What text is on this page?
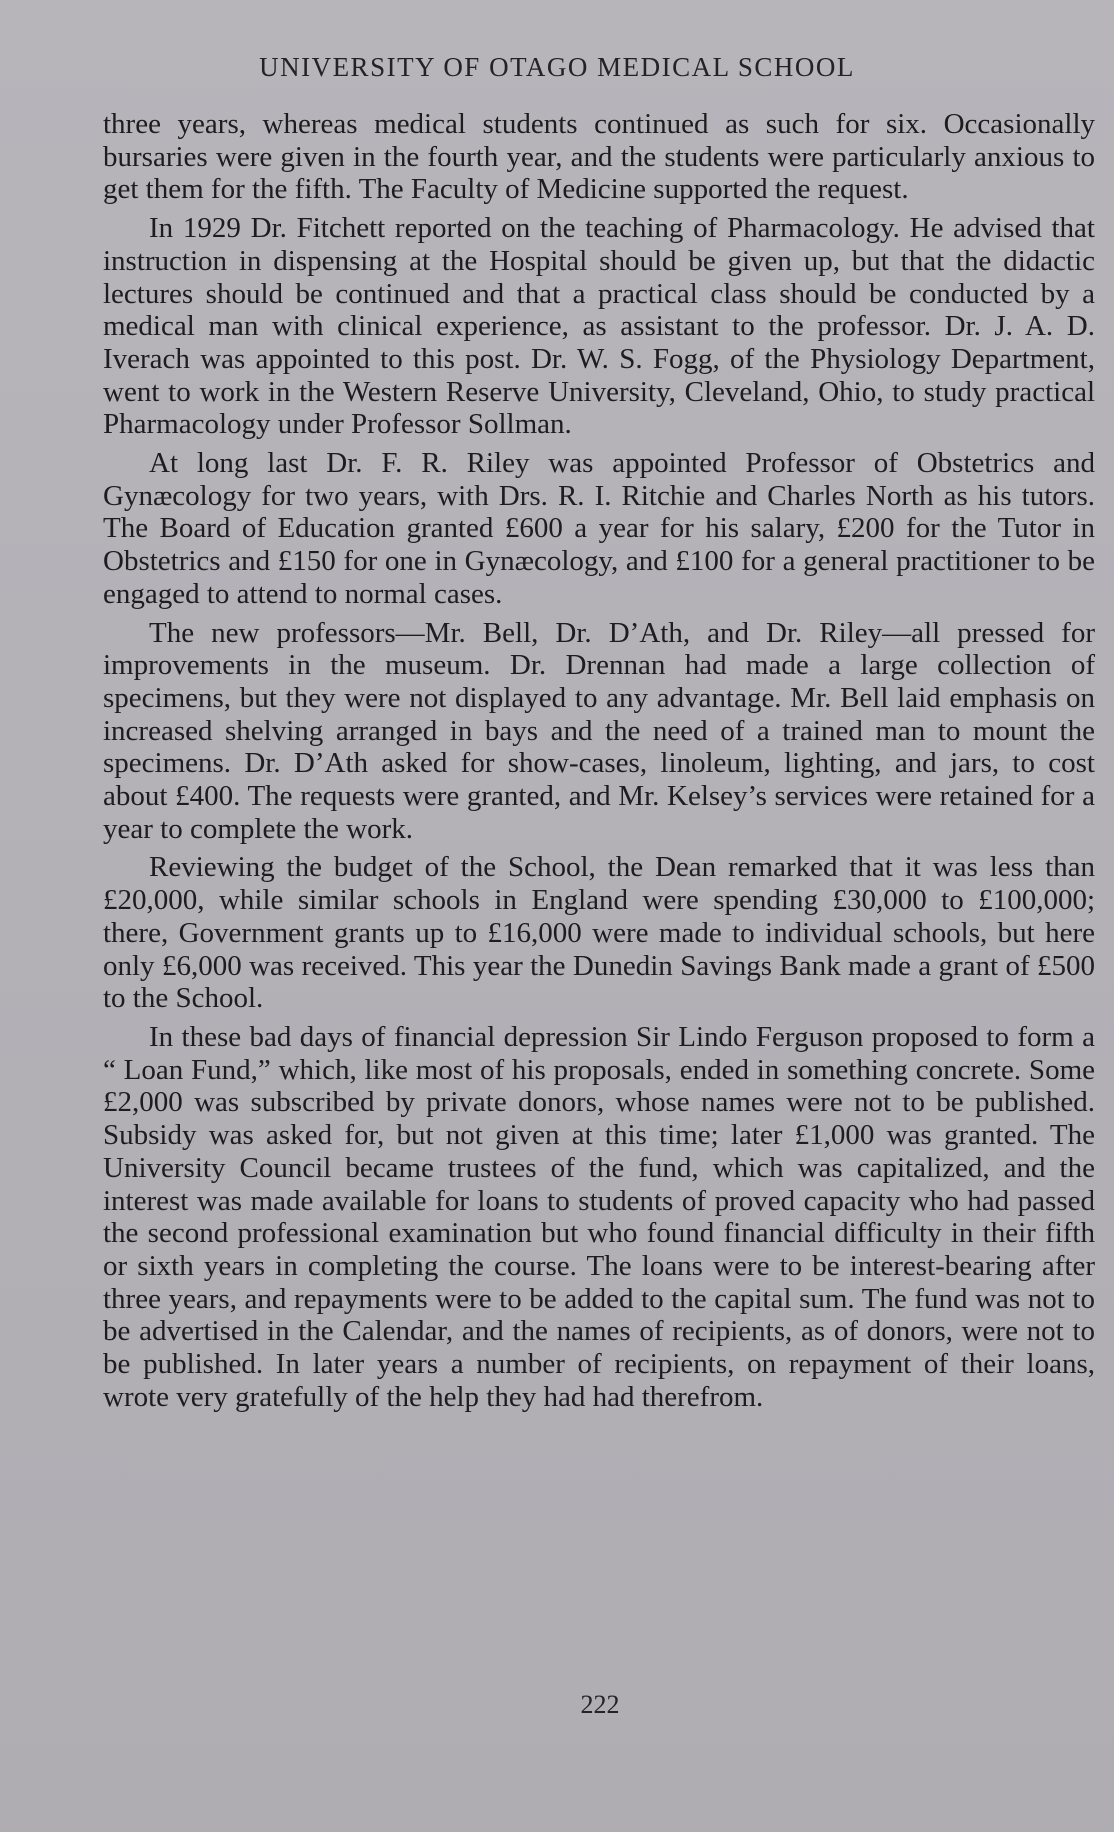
UNIVERSITY OF OTAGO MEDICAL SCHOOL

three years, whereas medical students continued as such for six. Occasionally bursaries were given in the fourth year, and the students were particularly anxious to get them for the fifth. The Faculty of Medicine supported the request.

In 1929 Dr. Fitchett reported on the teaching of Pharmacology. He advised that instruction in dispensing at the Hospital should be given up, but that the didactic lectures should be continued and that a practical class should be conducted by a medical man with clinical experience, as assistant to the professor. Dr. J. A. D. Iverach was appointed to this post. Dr. W. S. Fogg, of the Physiology Department, went to work in the Western Reserve University, Cleveland, Ohio, to study practical Pharmacology under Professor Sollman.

At long last Dr. F. R. Riley was appointed Professor of Obstetrics and Gynæcology for two years, with Drs. R. I. Ritchie and Charles North as his tutors. The Board of Education granted £600 a year for his salary, £200 for the Tutor in Obstetrics and £150 for one in Gynæcology, and £100 for a general practitioner to be engaged to attend to normal cases.

The new professors—Mr. Bell, Dr. D’Ath, and Dr. Riley—all pressed for improvements in the museum. Dr. Drennan had made a large collection of specimens, but they were not displayed to any advantage. Mr. Bell laid emphasis on increased shelving arranged in bays and the need of a trained man to mount the specimens. Dr. D’Ath asked for show-cases, linoleum, lighting, and jars, to cost about £400. The requests were granted, and Mr. Kelsey’s services were retained for a year to complete the work.

Reviewing the budget of the School, the Dean remarked that it was less than £20,000, while similar schools in England were spending £30,000 to £100,000; there, Government grants up to £16,000 were made to individual schools, but here only £6,000 was received. This year the Dunedin Savings Bank made a grant of £500 to the School.

In these bad days of financial depression Sir Lindo Ferguson proposed to form a “ Loan Fund,” which, like most of his proposals, ended in something concrete. Some £2,000 was subscribed by private donors, whose names were not to be published. Subsidy was asked for, but not given at this time; later £1,000 was granted. The University Council became trustees of the fund, which was capitalized, and the interest was made available for loans to students of proved capacity who had passed the second professional examination but who found financial difficulty in their fifth or sixth years in completing the course. The loans were to be interest-bearing after three years, and repayments were to be added to the capital sum. The fund was not to be advertised in the Calendar, and the names of recipients, as of donors, were not to be published. In later years a number of recipients, on repayment of their loans, wrote very gratefully of the help they had had therefrom.

222
